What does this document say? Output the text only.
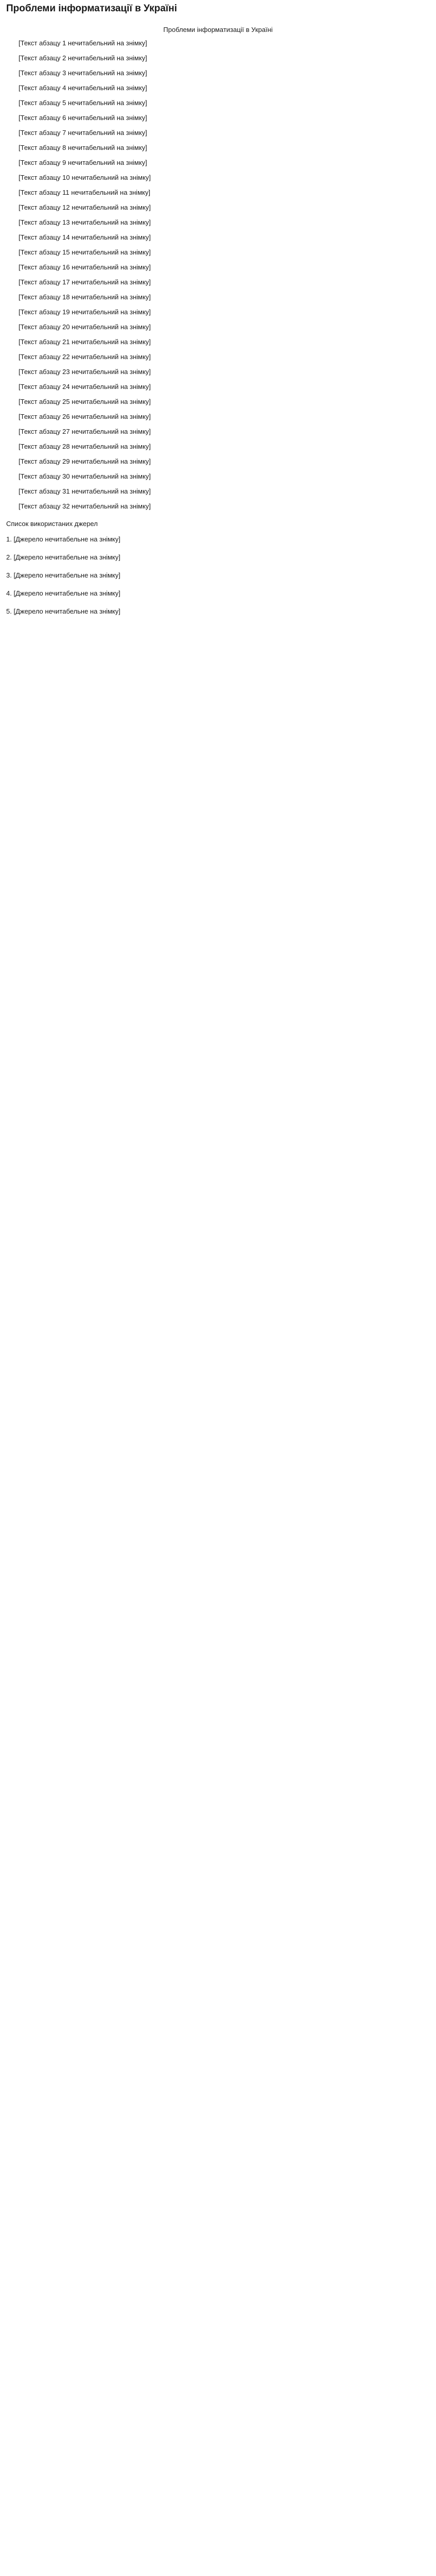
Проблеми інформатизації в Україні

Проблеми інформатизації в Україні

[Текст абзацу 1 нечитабельний на знімку]

[Текст абзацу 2 нечитабельний на знімку]

[Текст абзацу 3 нечитабельний на знімку]

[Текст абзацу 4 нечитабельний на знімку]

[Текст абзацу 5 нечитабельний на знімку]

[Текст абзацу 6 нечитабельний на знімку]

[Текст абзацу 7 нечитабельний на знімку]

[Текст абзацу 8 нечитабельний на знімку]

[Текст абзацу 9 нечитабельний на знімку]

[Текст абзацу 10 нечитабельний на знімку]

[Текст абзацу 11 нечитабельний на знімку]

[Текст абзацу 12 нечитабельний на знімку]

[Текст абзацу 13 нечитабельний на знімку]

[Текст абзацу 14 нечитабельний на знімку]

[Текст абзацу 15 нечитабельний на знімку]

[Текст абзацу 16 нечитабельний на знімку]

[Текст абзацу 17 нечитабельний на знімку]

[Текст абзацу 18 нечитабельний на знімку]

[Текст абзацу 19 нечитабельний на знімку]

[Текст абзацу 20 нечитабельний на знімку]

[Текст абзацу 21 нечитабельний на знімку]

[Текст абзацу 22 нечитабельний на знімку]

[Текст абзацу 23 нечитабельний на знімку]

[Текст абзацу 24 нечитабельний на знімку]

[Текст абзацу 25 нечитабельний на знімку]

[Текст абзацу 26 нечитабельний на знімку]

[Текст абзацу 27 нечитабельний на знімку]

[Текст абзацу 28 нечитабельний на знімку]

[Текст абзацу 29 нечитабельний на знімку]

[Текст абзацу 30 нечитабельний на знімку]

[Текст абзацу 31 нечитабельний на знімку]

[Текст абзацу 32 нечитабельний на знімку]

Список використаних джерел
1. [Джерело нечитабельне на знімку]
2. [Джерело нечитабельне на знімку]
3. [Джерело нечитабельне на знімку]
4. [Джерело нечитабельне на знімку]
5. [Джерело нечитабельне на знімку]
